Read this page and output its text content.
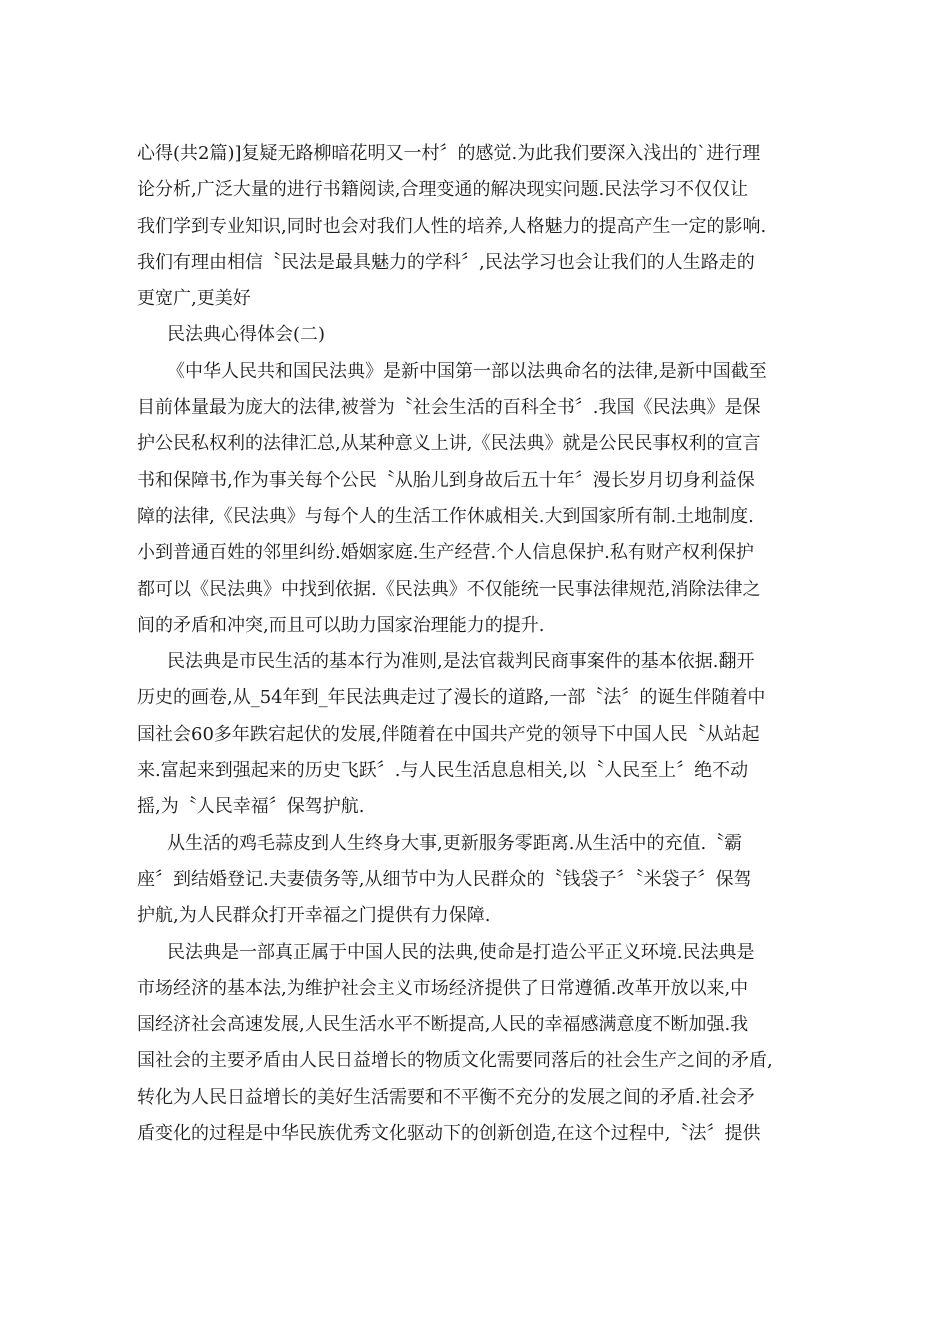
心得(共2篇)]复疑无路柳暗花明又一村〞的感觉.为此我们要深入浅出的`进行理
论分析,广泛大量的进行书籍阅读,合理变通的解决现实问题.民法学习不仅仅让
我们学到专业知识,同时也会对我们人性的培养,人格魅力的提高产生一定的影响.
我们有理由相信〝民法是最具魅力的学科〞,民法学习也会让我们的人生路走的
更宽广,更美好

民法典心得体会(二)

《中华人民共和国民法典》是新中国第一部以法典命名的法律,是新中国截至
目前体量最为庞大的法律,被誉为〝社会生活的百科全书〞.我国《民法典》是保
护公民私权利的法律汇总,从某种意义上讲,《民法典》就是公民民事权利的宣言
书和保障书,作为事关每个公民〝从胎儿到身故后五十年〞漫长岁月切身利益保
障的法律,《民法典》与每个人的生活工作休戚相关.大到国家所有制.土地制度.
小到普通百姓的邻里纠纷.婚姻家庭.生产经营.个人信息保护.私有财产权利保护
都可以《民法典》中找到依据.《民法典》不仅能统一民事法律规范,消除法律之
间的矛盾和冲突,而且可以助力国家治理能力的提升.

民法典是市民生活的基本行为准则,是法官裁判民商事案件的基本依据.翻开
历史的画卷,从_54年到_年民法典走过了漫长的道路,一部〝法〞的诞生伴随着中
国社会60多年跌宕起伏的发展,伴随着在中国共产党的领导下中国人民〝从站起
来.富起来到强起来的历史飞跃〞.与人民生活息息相关,以〝人民至上〞绝不动
摇,为〝人民幸福〞保驾护航.

从生活的鸡毛蒜皮到人生终身大事,更新服务零距离.从生活中的充值.〝霸
座〞到结婚登记.夫妻债务等,从细节中为人民群众的〝钱袋子〞〝米袋子〞保驾
护航,为人民群众打开幸福之门提供有力保障.

民法典是一部真正属于中国人民的法典,使命是打造公平正义环境.民法典是
市场经济的基本法,为维护社会主义市场经济提供了日常遵循.改革开放以来,中
国经济社会高速发展,人民生活水平不断提高,人民的幸福感满意度不断加强.我
国社会的主要矛盾由人民日益增长的物质文化需要同落后的社会生产之间的矛盾,
转化为人民日益增长的美好生活需要和不平衡不充分的发展之间的矛盾.社会矛
盾变化的过程是中华民族优秀文化驱动下的创新创造,在这个过程中,〝法〞提供
